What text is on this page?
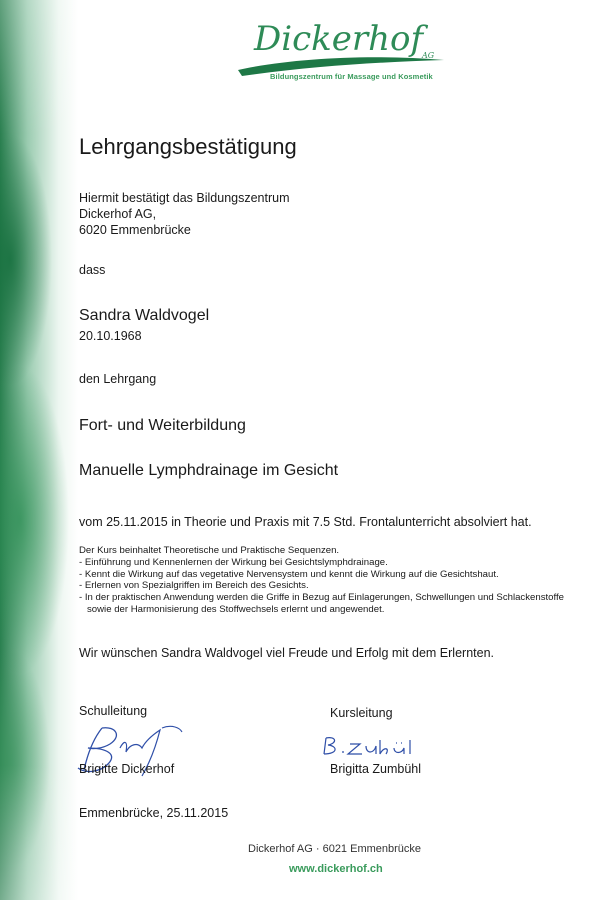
Dickerhof
AG
Bildungszentrum für Massage und Kosmetik
Lehrgangsbestätigung
Hiermit bestätigt das Bildungszentrum
Dickerhof AG,
6020 Emmenbrücke
dass
Sandra Waldvogel
20.10.1968
den Lehrgang
Fort- und Weiterbildung
Manuelle Lymphdrainage im Gesicht
vom 25.11.2015 in Theorie und Praxis mit 7.5 Std. Frontalunterricht absolviert hat.
Der Kurs beinhaltet Theoretische und Praktische Sequenzen.
- Einführung und Kennenlernen der Wirkung bei Gesichtslymphdrainage.
- Kennt die Wirkung auf das vegetative Nervensystem und kennt die Wirkung auf die Gesichtshaut.
- Erlernen von Spezialgriffen im Bereich des Gesichts.
- In der praktischen Anwendung werden die Griffe in Bezug auf Einlagerungen, Schwellungen und Schlackenstoffe sowie der Harmonisierung des Stoffwechsels erlernt und angewendet.
Wir wünschen Sandra Waldvogel viel Freude und Erfolg mit dem Erlernten.
Schulleitung	Kursleitung
Brigitte Dickerhof	Brigitta Zumbühl
Emmenbrücke, 25.11.2015
Dickerhof AG · 6021 Emmenbrücke
www.dickerhof.ch
